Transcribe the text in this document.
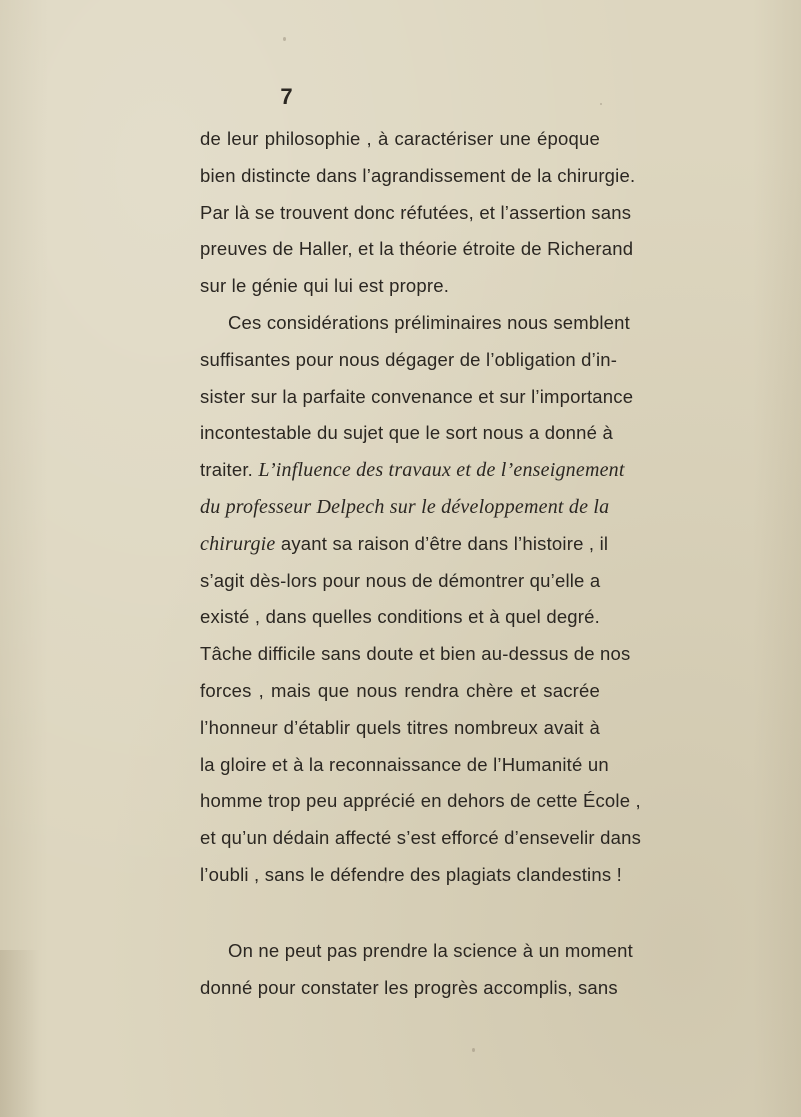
7
de leur philosophie , à caractériser une époque
bien distincte dans l’agrandissement de la chirurgie.
Par là se trouvent donc réfutées, et l’assertion sans
preuves de Haller, et la théorie étroite de Richerand
sur le génie qui lui est propre.
Ces considérations préliminaires nous semblent
suffisantes pour nous dégager de l’obligation d’in-
sister sur la parfaite convenance et sur l’importance
incontestable du sujet que le sort nous a donné à
traiter. L’influence des travaux et de l’enseignement
du professeur Delpech sur le développement de la
chirurgie ayant sa raison d’être dans l’histoire , il
s’agit dès-lors pour nous de démontrer qu’elle a
existé , dans quelles conditions et à quel degré.
Tâche difficile sans doute et bien au-dessus de nos
forces , mais que nous rendra chère et sacrée
l’honneur d’établir quels titres nombreux avait à
la gloire et à la reconnaissance de l’Humanité un
homme trop peu apprécié en dehors de cette École ,
et qu’un dédain affecté s’est efforcé d’ensevelir dans
l’oubli , sans le défendre des plagiats clandestins !
On ne peut pas prendre la science à un moment
donné pour constater les progrès accomplis, sans
